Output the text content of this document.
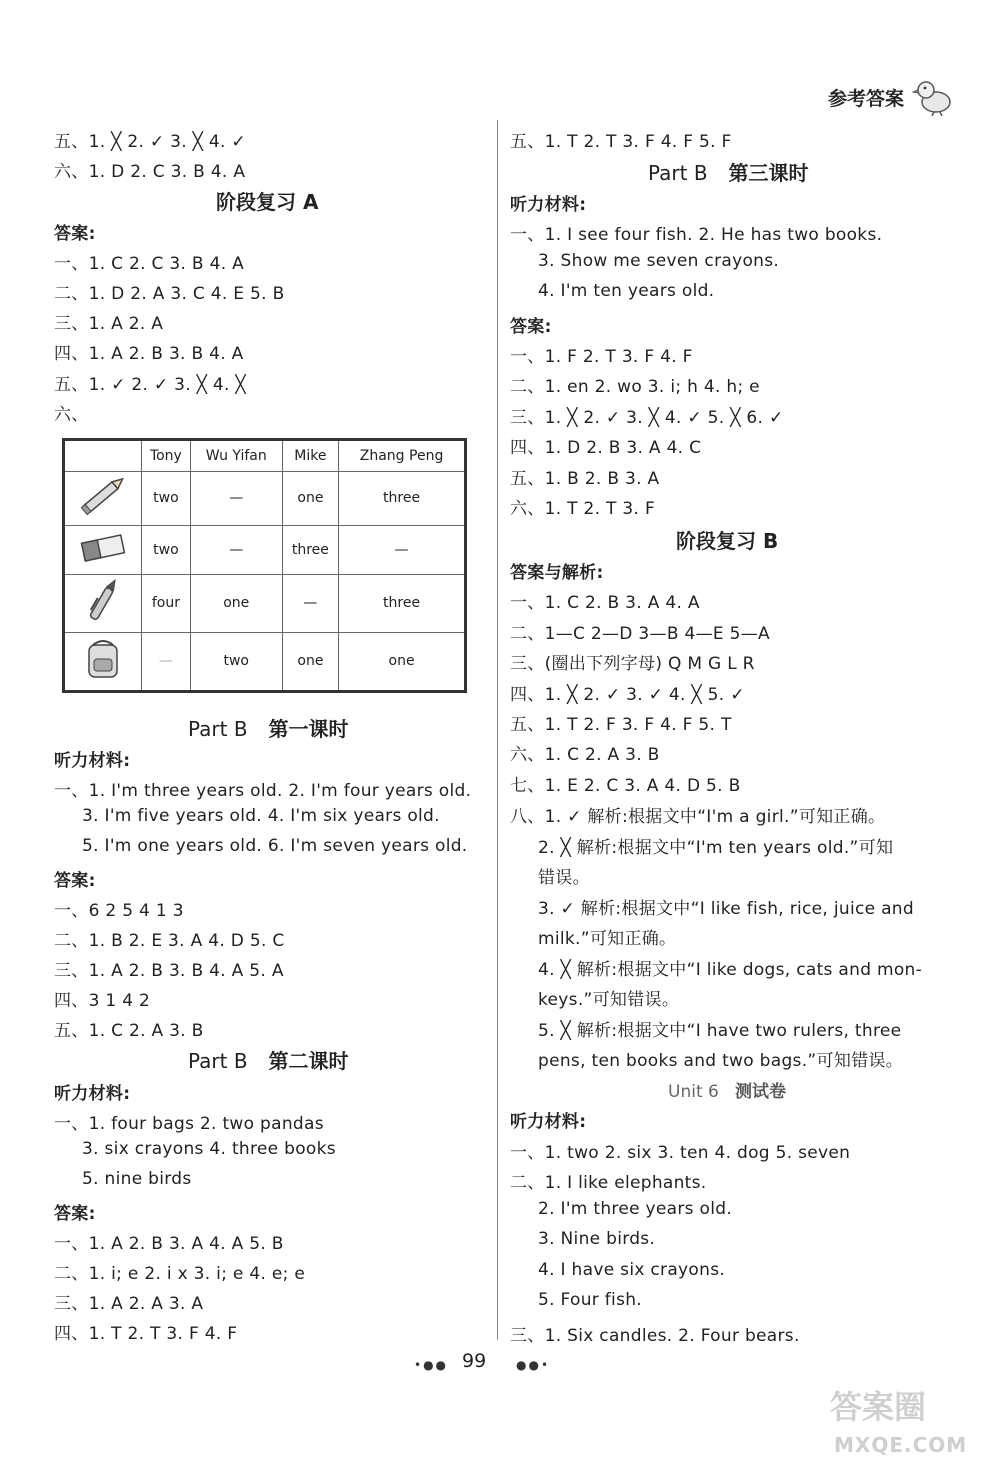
参考答案
五、1. ╳ 2. ✓ 3. ╳ 4. ✓
六、1. D 2. C 3. B 4. A
阶段复习 A
答案:
一、1. C 2. C 3. B 4. A
二、1. D 2. A 3. C 4. E 5. B
三、1. A 2. A
四、1. A 2. B 3. B 4. A
五、1. ✓ 2. ✓ 3. ╳ 4. ╳
六、
	Tony	Wu Yifan	Mike	Zhang Peng
	two	—	one	three
	two	—	three	—
	four	one	—	three
	—	two	one	one
Part B 第一课时
听力材料:
一、1. I'm three years old. 2. I'm four years old.
3. I'm five years old. 4. I'm six years old.
5. I'm one years old. 6. I'm seven years old.
答案:
一、6 2 5 4 1 3
二、1. B 2. E 3. A 4. D 5. C
三、1. A 2. B 3. B 4. A 5. A
四、3 1 4 2
五、1. C 2. A 3. B
Part B 第二课时
听力材料:
一、1. four bags 2. two pandas
3. six crayons 4. three books
5. nine birds
答案:
一、1. A 2. B 3. A 4. A 5. B
二、1. i; e 2. i x 3. i; e 4. e; e
三、1. A 2. A 3. A
四、1. T 2. T 3. F 4. F
五、1. T 2. T 3. F 4. F 5. F
Part B 第三课时
听力材料:
一、1. I see four fish. 2. He has two books.
3. Show me seven crayons.
4. I'm ten years old.
答案:
一、1. F 2. T 3. F 4. F
二、1. en 2. wo 3. i; h 4. h; e
三、1. ╳ 2. ✓ 3. ╳ 4. ✓ 5. ╳ 6. ✓
四、1. D 2. B 3. A 4. C
五、1. B 2. B 3. A
六、1. T 2. T 3. F
阶段复习 B
答案与解析:
一、1. C 2. B 3. A 4. A
二、1—C 2—D 3—B 4—E 5—A
三、(圈出下列字母) Q M G L R
四、1. ╳ 2. ✓ 3. ✓ 4. ╳ 5. ✓
五、1. T 2. F 3. F 4. F 5. T
六、1. C 2. A 3. B
七、1. E 2. C 3. A 4. D 5. B
八、1. ✓ 解析:根据文中“I'm a girl.”可知正确。
2. ╳ 解析:根据文中“I'm ten years old.”可知
错误。
3. ✓ 解析:根据文中“I like fish, rice, juice and
milk.”可知正确。
4. ╳ 解析:根据文中“I like dogs, cats and mon-
keys.”可知错误。
5. ╳ 解析:根据文中“I have two rulers, three
pens, ten books and two bags.”可知错误。
Unit 6 测试卷
听力材料:
一、1. two 2. six 3. ten 4. dog 5. seven
二、1. I like elephants.
2. I'm three years old.
3. Nine birds.
4. I have six crayons.
5. Four fish.
三、1. Six candles. 2. Four bears.
•●● 99 ●●•
答案圈
MXQE.COM
